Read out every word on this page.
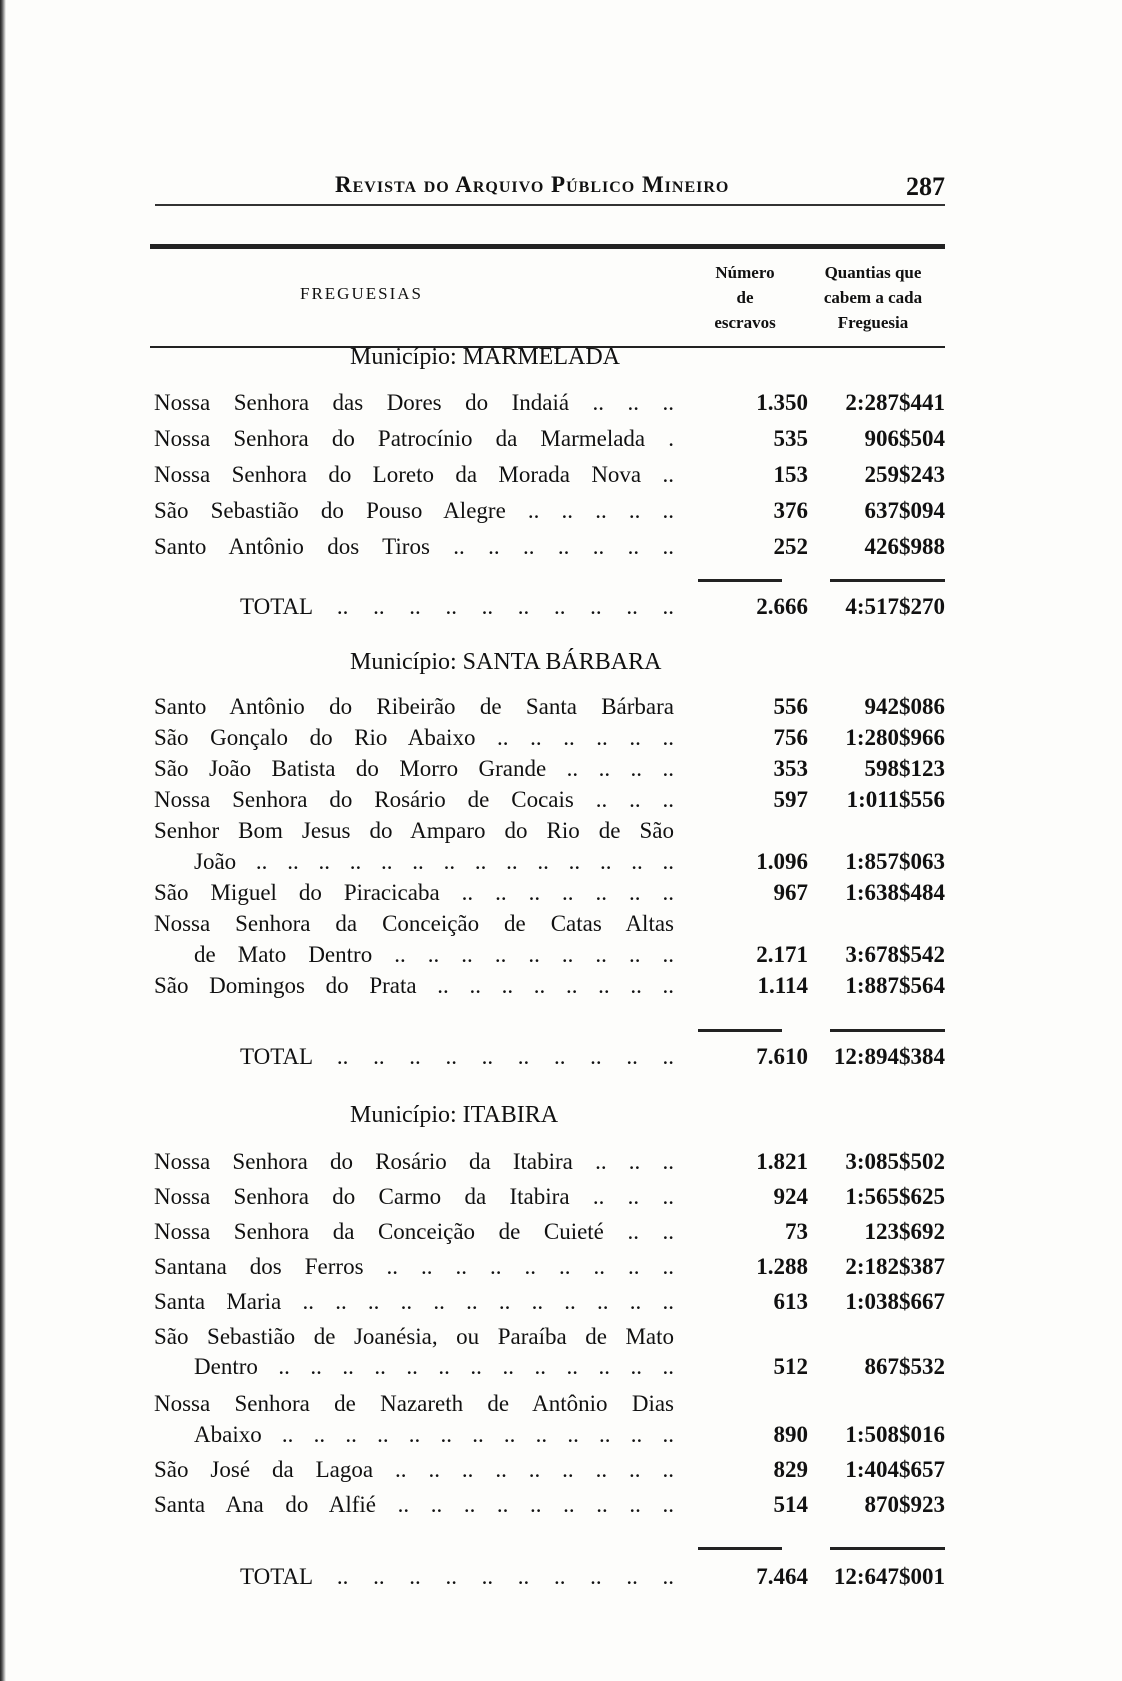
Revista do Arquivo Público Mineiro	287
FREGUESIAS
Número
de
escravos
Quantias que
cabem a cada
Freguesia
Município: MARMELADA
Nossa Senhora das Dores do Indaiá .. .. ..	1.350	2:287$441
Nossa Senhora do Patrocínio da Marmelada .	535	906$504
Nossa Senhora do Loreto da Morada Nova ..	153	259$243
São Sebastião do Pouso Alegre .. .. .. .. ..	376	637$094
Santo Antônio dos Tiros .. .. .. .. .. .. ..	252	426$988
TOTAL .. .. .. .. .. .. .. .. .. ..	2.666	4:517$270
Município: SANTA BÁRBARA
Santo Antônio do Ribeirão de Santa Bárbara	556	942$086
São Gonçalo do Rio Abaixo .. .. .. .. .. ..	756	1:280$966
São João Batista do Morro Grande .. .. .. ..	353	598$123
Nossa Senhora do Rosário de Cocais .. .. ..	597	1:011$556
Senhor Bom Jesus do Amparo do Rio de São
João .. .. .. .. .. .. .. .. .. .. .. .. .. ..	1.096	1:857$063
São Miguel do Piracicaba .. .. .. .. .. .. ..	967	1:638$484
Nossa Senhora da Conceição de Catas Altas
de Mato Dentro .. .. .. .. .. .. .. .. ..	2.171	3:678$542
São Domingos do Prata .. .. .. .. .. .. .. ..	1.114	1:887$564
TOTAL .. .. .. .. .. .. .. .. .. ..	7.610	12:894$384
Município: ITABIRA
Nossa Senhora do Rosário da Itabira .. .. ..	1.821	3:085$502
Nossa Senhora do Carmo da Itabira .. .. ..	924	1:565$625
Nossa Senhora da Conceição de Cuieté .. ..	73	123$692
Santana dos Ferros .. .. .. .. .. .. .. .. ..	1.288	2:182$387
Santa Maria .. .. .. .. .. .. .. .. .. .. .. ..	613	1:038$667
São Sebastião de Joanésia, ou Paraíba de Mato
Dentro .. .. .. .. .. .. .. .. .. .. .. .. ..	512	867$532
Nossa Senhora de Nazareth de Antônio Dias
Abaixo .. .. .. .. .. .. .. .. .. .. .. .. ..	890	1:508$016
São José da Lagoa .. .. .. .. .. .. .. .. ..	829	1:404$657
Santa Ana do Alfié .. .. .. .. .. .. .. .. ..	514	870$923
TOTAL .. .. .. .. .. .. .. .. .. ..	7.464	12:647$001
